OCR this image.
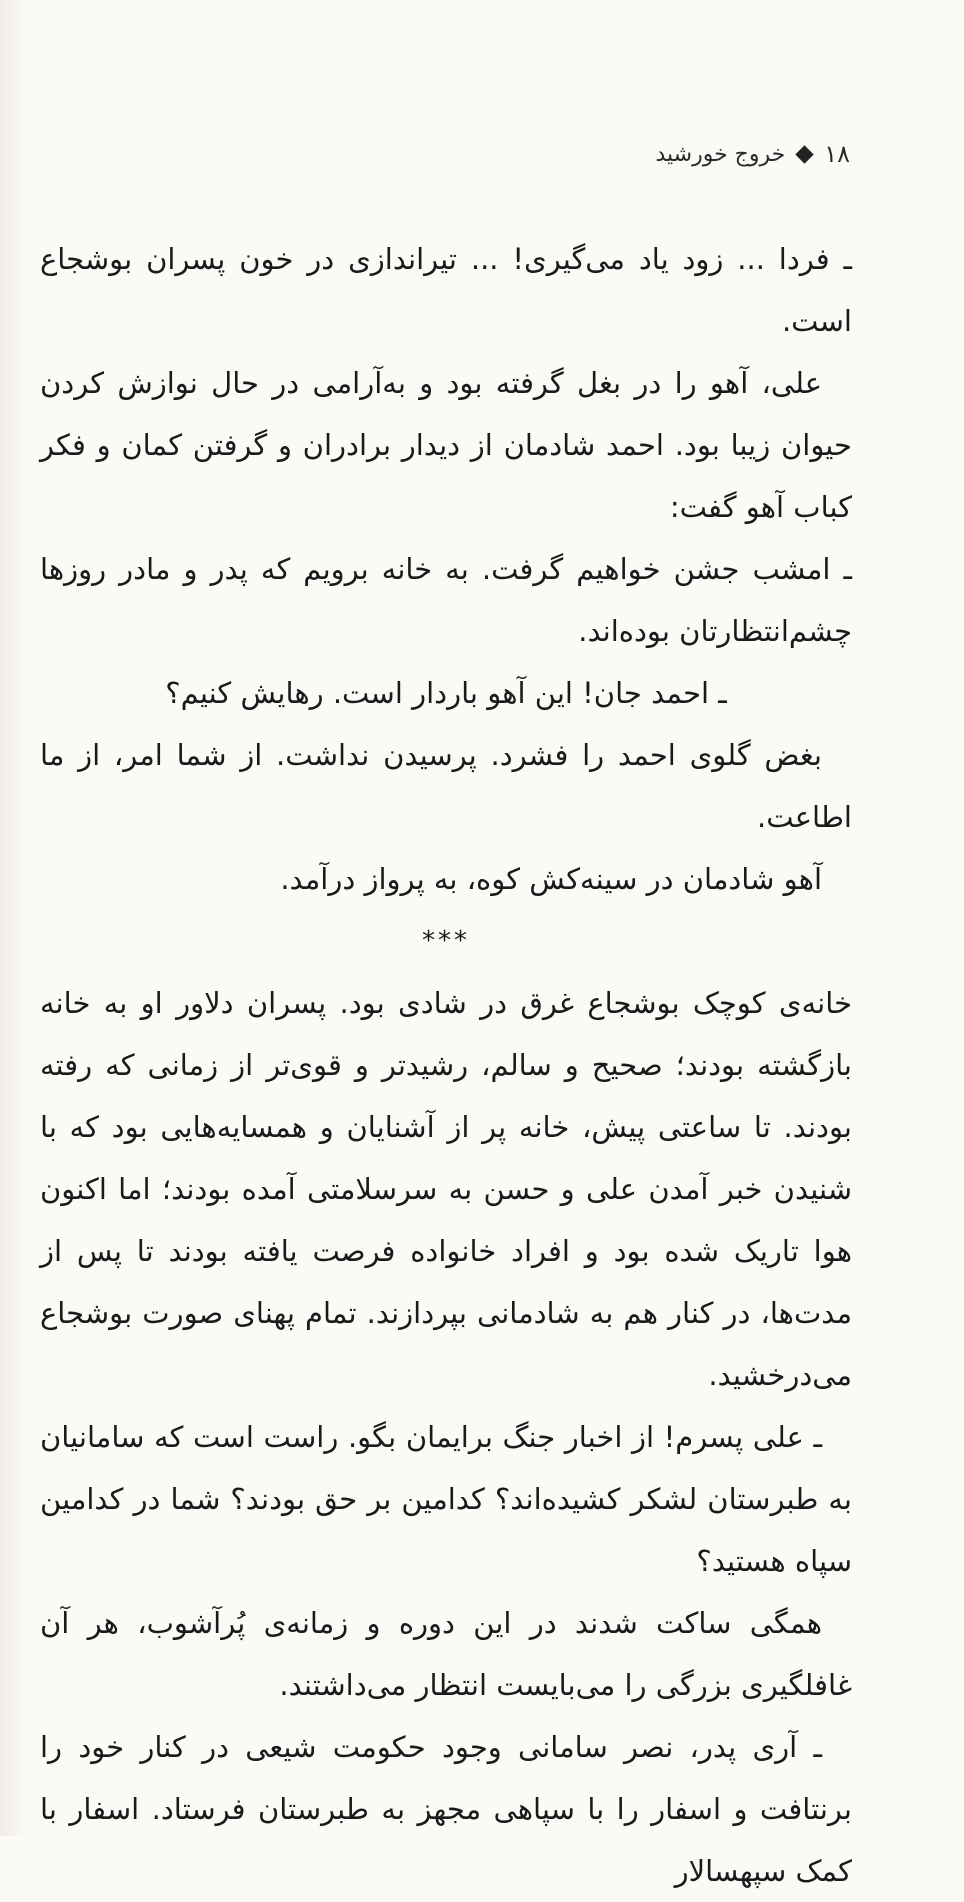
۱۸
خروج خورشید

ـ فردا ... زود یاد می‌گیری! ... تیراندازی در خون پسران بوشجاع است.

علی، آهو را در بغل گرفته بود و به‌آرامی در حال نوازش کردن حیوان زیبا بود. احمد شادمان از دیدار برادران و گرفتن کمان و فکر کباب آهو گفت:

ـ امشب جشن خواهیم گرفت. به خانه برویم که پدر و مادر روزها چشم‌انتظارتان بوده‌اند.

ـ احمد جان! این آهو باردار است. رهایش کنیم؟

بغض گلوی احمد را فشرد. پرسیدن نداشت. از شما امر، از ما اطاعت.

آهو شادمان در سینه‌کش کوه، به پرواز درآمد.

***

خانه‌ی کوچک بوشجاع غرق در شادی بود. پسران دلاور او به خانه بازگشته بودند؛ صحیح و سالم، رشیدتر و قوی‌تر از زمانی که رفته بودند. تا ساعتی پیش، خانه پر از آشنایان و همسایه‌هایی بود که با شنیدن خبر آمدن علی و حسن به سرسلامتی آمده بودند؛ اما اکنون هوا تاریک شده بود و افراد خانواده فرصت یافته بودند تا پس از مدت‌ها، در کنار هم به شادمانی بپردازند. تمام پهنای صورت بوشجاع می‌درخشید.

ـ علی پسرم! از اخبار جنگ برایمان بگو. راست است که سامانیان به طبرستان لشکر کشیده‌اند؟ کدامین بر حق بودند؟ شما در کدامین سپاه هستید؟

همگی ساکت شدند در این دوره و زمانه‌ی پُرآشوب، هر آن غافلگیری بزرگی را می‌بایست انتظار می‌داشتند.

ـ آری پدر، نصر سامانی وجود حکومت شیعی در کنار خود را برنتافت و اسفار را با سپاهی مجهز به طبرستان فرستاد. اسفار با کمک سپهسالار
